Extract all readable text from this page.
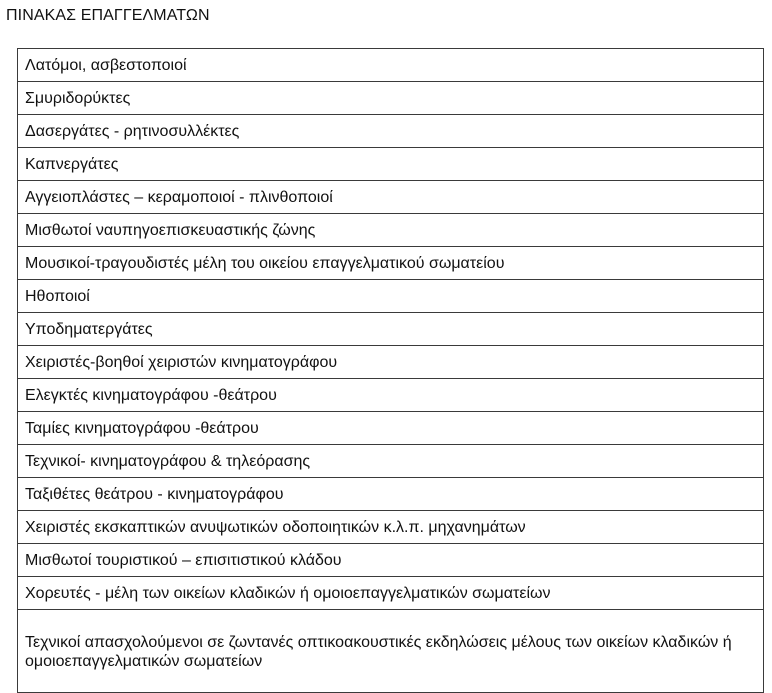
ΠΙΝΑΚΑΣ ΕΠΑΓΓΕΛΜΑΤΩΝ
Λατόμοι, ασβεστοποιοί
Σμυριδορύκτες
Δασεργάτες - ρητινοσυλλέκτες
Καπνεργάτες
Αγγειοπλάστες – κεραμοποιοί - πλινθοποιοί
Μισθωτοί ναυπηγοεπισκευαστικής ζώνης
Μουσικοί-τραγουδιστές μέλη του οικείου επαγγελματικού σωματείου
Ηθοποιοί
Υποδηματεργάτες
Χειριστές-βοηθοί χειριστών κινηματογράφου
Ελεγκτές κινηματογράφου -θεάτρου
Ταμίες κινηματογράφου -θεάτρου
Τεχνικοί- κινηματογράφου & τηλεόρασης
Ταξιθέτες θεάτρου - κινηματογράφου
Χειριστές εκσκαπτικών ανυψωτικών οδοποιητικών κ.λ.π. μηχανημάτων
Μισθωτοί τουριστικού – επισιτιστικού κλάδου
Χορευτές - μέλη των οικείων κλαδικών ή ομοιοεπαγγελματικών σωματείων
Τεχνικοί απασχολούμενοι σε ζωντανές οπτικοακουστικές εκδηλώσεις μέλους των οικείων κλαδικών ή ομοιοεπαγγελματικών σωματείων
